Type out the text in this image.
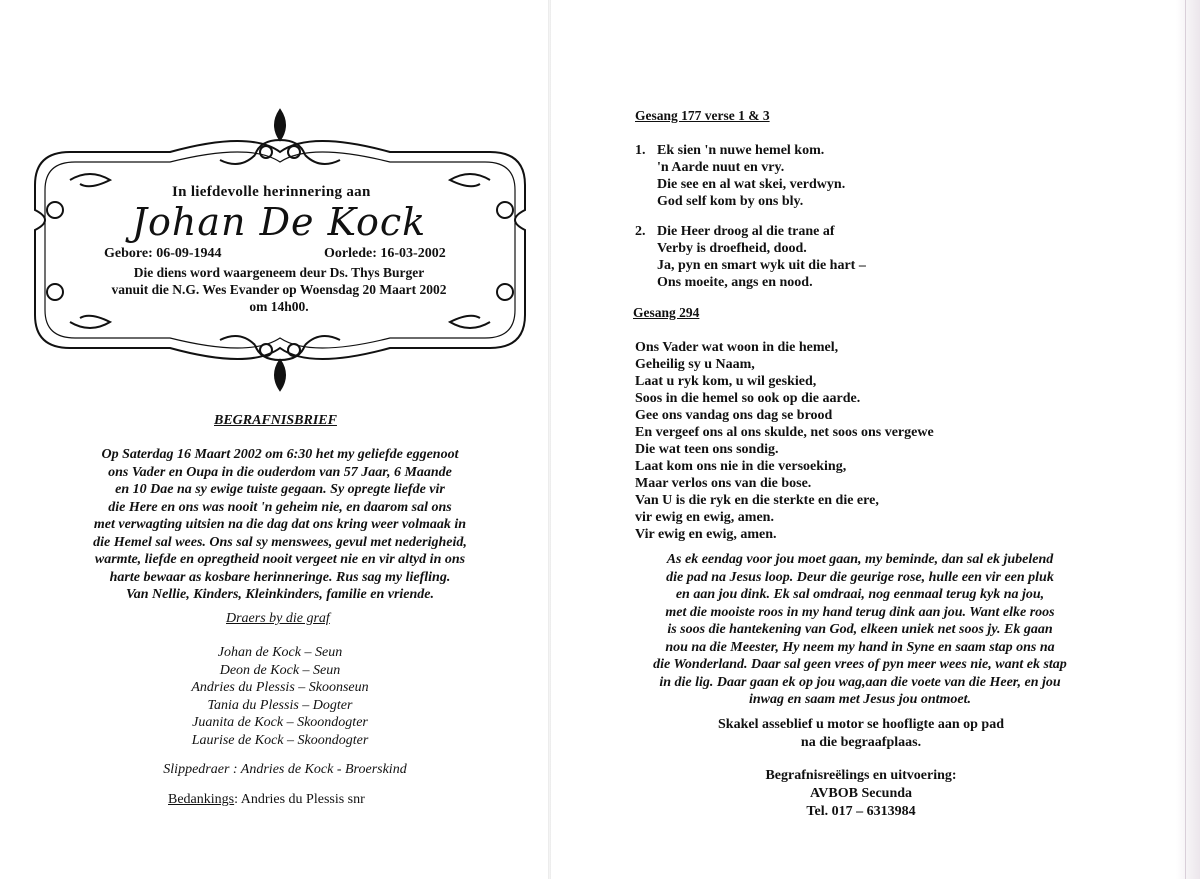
In liefdevolle herinnering aan
Johan De Kock
Gebore: 06-09-1944	Oorlede: 16-03-2002
Die diens word waargeneem deur Ds. Thys Burger
vanuit die N.G. Wes Evander op Woensdag 20 Maart 2002
om 14h00.
BEGRAFNISBRIEF
Op Saterdag 16 Maart 2002 om 6:30 het my geliefde eggenoot
ons Vader en Oupa in die ouderdom van 57 Jaar, 6 Maande
en 10 Dae na sy ewige tuiste gegaan. Sy opregte liefde vir
die Here en ons was nooit 'n geheim nie, en daarom sal ons
met verwagting uitsien na die dag dat ons kring weer volmaak in
die Hemel sal wees. Ons sal sy menswees, gevul met nederigheid,
warmte, liefde en opregtheid nooit vergeet nie en vir altyd in ons
harte bewaar as kosbare herinneringe. Rus sag my liefling.
Van Nellie, Kinders, Kleinkinders, familie en vriende.
Draers by die graf
Johan de Kock – Seun
Deon de Kock – Seun
Andries du Plessis – Skoonseun
Tania du Plessis – Dogter
Juanita de Kock – Skoondogter
Laurise de Kock – Skoondogter
Slippedraer : Andries de Kock - Broerskind
Bedankings: Andries du Plessis snr
Gesang 177 verse 1 & 3
1. Ek sien 'n nuwe hemel kom.
'n Aarde nuut en vry.
Die see en al wat skei, verdwyn.
God self kom by ons bly.
2. Die Heer droog al die trane af
Verby is droefheid, dood.
Ja, pyn en smart wyk uit die hart –
Ons moeite, angs en nood.
Gesang 294
Ons Vader wat woon in die hemel,
Geheilig sy u Naam,
Laat u ryk kom, u wil geskied,
Soos in die hemel so ook op die aarde.
Gee ons vandag ons dag se brood
En vergeef ons al ons skulde, net soos ons vergewe
Die wat teen ons sondig.
Laat kom ons nie in die versoeking,
Maar verlos ons van die bose.
Van U is die ryk en die sterkte en die ere,
vir ewig en ewig, amen.
Vir ewig en ewig, amen.
As ek eendag voor jou moet gaan, my beminde, dan sal ek jubelend
die pad na Jesus loop. Deur die geurige rose, hulle een vir een pluk
en aan jou dink. Ek sal omdraai, nog eenmaal terug kyk na jou,
met die mooiste roos in my hand terug dink aan jou. Want elke roos
is soos die hantekening van God, elkeen uniek net soos jy. Ek gaan
nou na die Meester, Hy neem my hand in Syne en saam stap ons na
die Wonderland. Daar sal geen vrees of pyn meer wees nie, want ek stap
in die lig. Daar gaan ek op jou wag,aan die voete van die Heer, en jou
inwag en saam met Jesus jou ontmoet.
Skakel asseblief u motor se hoofligte aan op pad
na die begraafplaas.
Begrafnisreëlings en uitvoering:
AVBOB Secunda
Tel. 017 – 6313984
